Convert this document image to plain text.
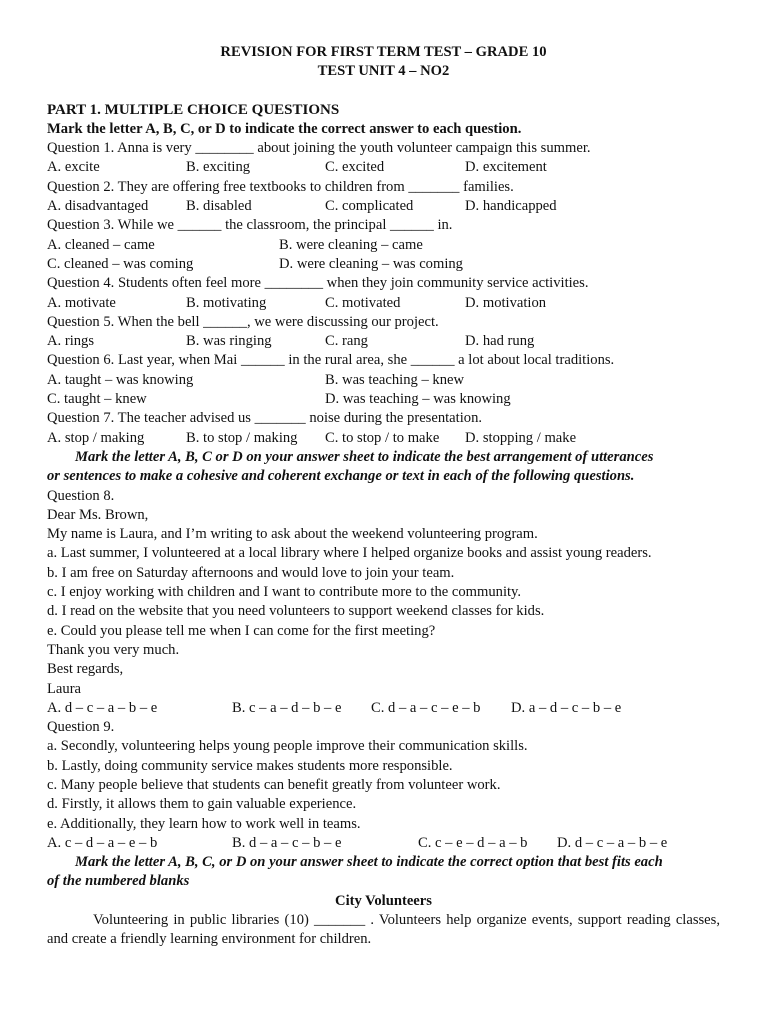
REVISION FOR FIRST TERM TEST – GRADE 10
TEST UNIT 4 – NO2
PART 1. MULTIPLE CHOICE QUESTIONS
Mark the letter A, B, C, or D to indicate the correct answer to each question.
Question 1. Anna is very ________ about joining the youth volunteer campaign this summer.
A. excite	B. exciting	C. excited	D. excitement
Question 2. They are offering free textbooks to children from _______ families.
A. disadvantaged	B. disabled	C. complicated	D. handicapped
Question 3. While we ______ the classroom, the principal ______ in.
A. cleaned – came	B. were cleaning – came
C. cleaned – was coming	D. were cleaning – was coming
Question 4. Students often feel more ________ when they join community service activities.
A. motivate	B. motivating	C. motivated	D. motivation
Question 5. When the bell ______, we were discussing our project.
A. rings	B. was ringing	C. rang	D. had rung
Question 6. Last year, when Mai ______ in the rural area, she ______ a lot about local traditions.
A. taught – was knowing	B. was teaching – knew
C. taught – knew	D. was teaching – was knowing
Question 7. The teacher advised us _______ noise during the presentation.
A. stop / making	B. to stop / making C. to stop / to make D. stopping / make
Mark the letter A, B, C or D on your answer sheet to indicate the best arrangement of utterances
or sentences to make a cohesive and coherent exchange or text in each of the following questions.
Question 8.
Dear Ms. Brown,
My name is Laura, and I’m writing to ask about the weekend volunteering program.
a. Last summer, I volunteered at a local library where I helped organize books and assist young readers.
b. I am free on Saturday afternoons and would love to join your team.
c. I enjoy working with children and I want to contribute more to the community.
d. I read on the website that you need volunteers to support weekend classes for kids.
e. Could you please tell me when I can come for the first meeting?
Thank you very much.
Best regards,
Laura
A. d – c – a – b – e	B. c – a – d – b – e C. d – a – c – e – b D. a – d – c – b – e
Question 9.
a. Secondly, volunteering helps young people improve their communication skills.
b. Lastly, doing community service makes students more responsible.
c. Many people believe that students can benefit greatly from volunteer work.
d. Firstly, it allows them to gain valuable experience.
e. Additionally, they learn how to work well in teams.
A. c – d – a – e – b	B. d – a – c – b – e	C. c – e – d – a – b D. d – c – a – b – e
Mark the letter A, B, C, or D on your answer sheet to indicate the correct option that best fits each
of the numbered blanks
City Volunteers
Volunteering in public libraries (10) _______ . Volunteers help organize events, support reading classes, and create a friendly learning environment for children.
